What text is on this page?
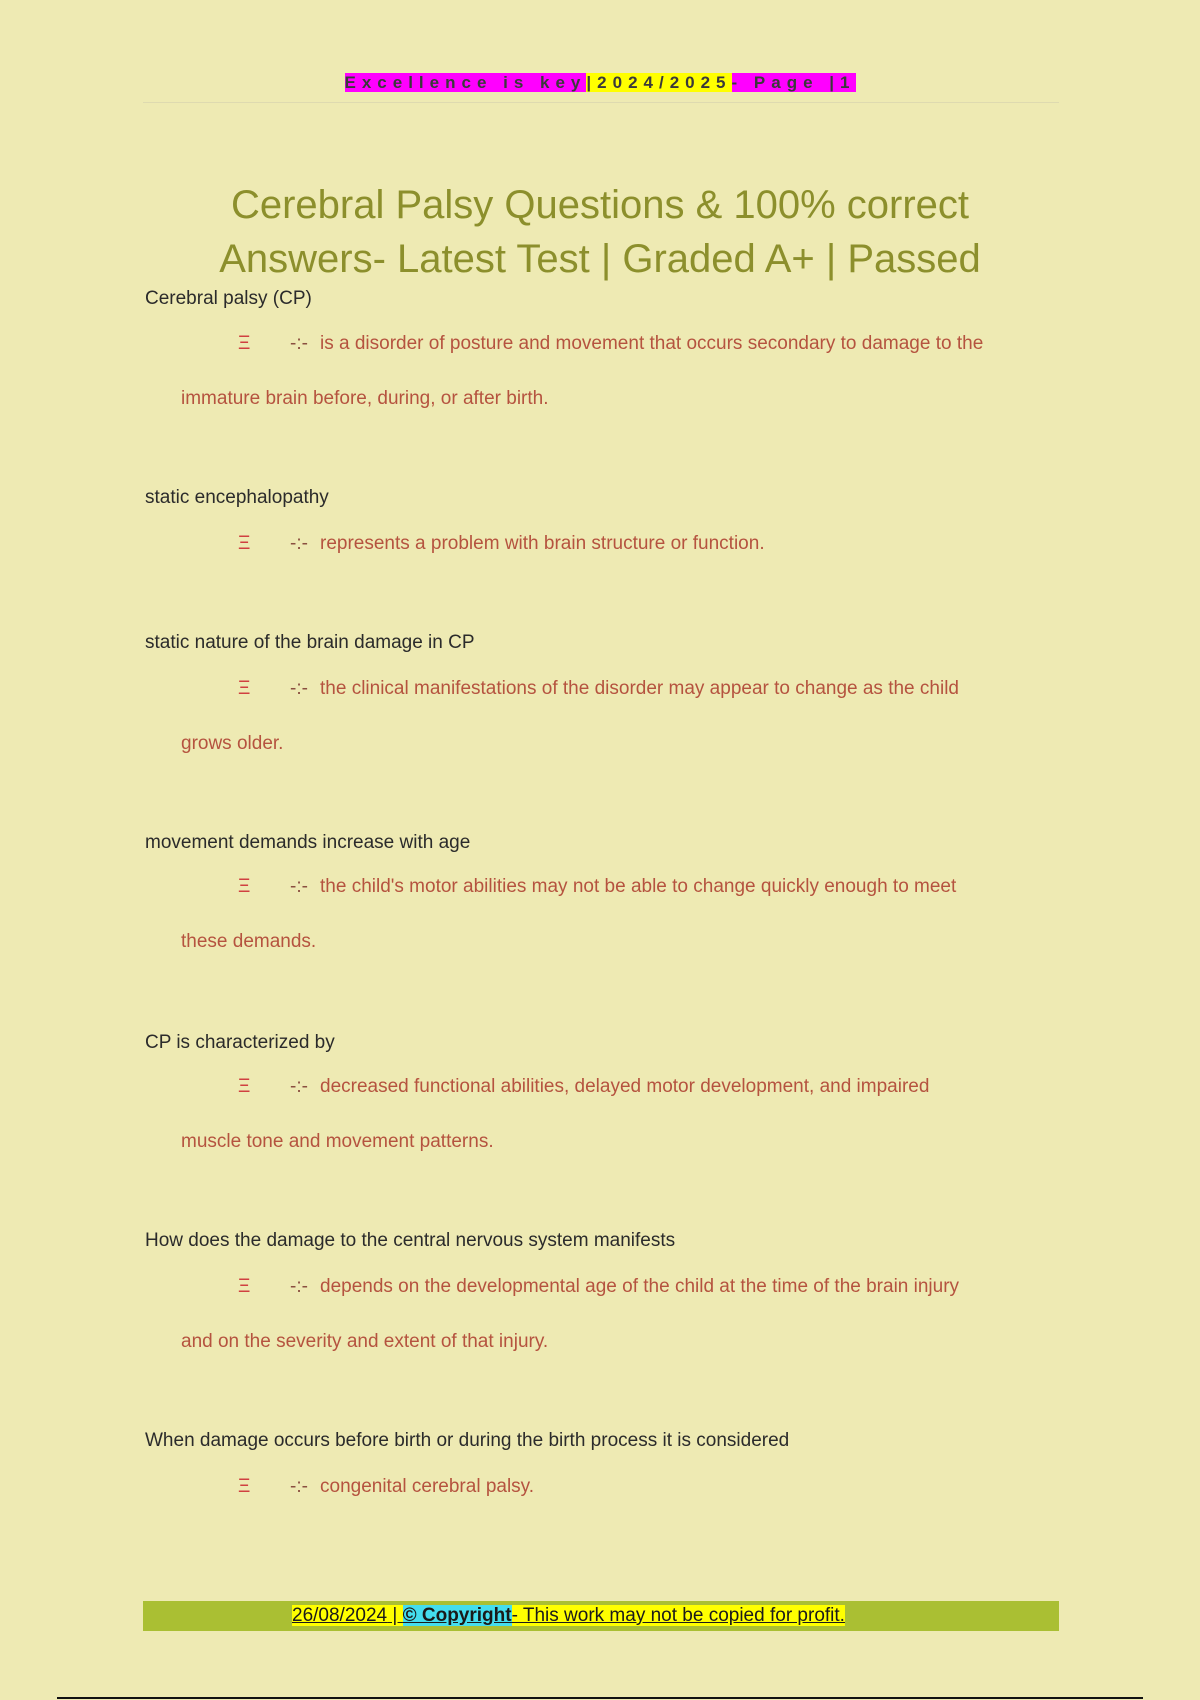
Excellence is key|2024/2025- Page |1
Cerebral Palsy Questions & 100% correct
Answers- Latest Test | Graded A+ | Passed
Cerebral palsy (CP)
Ξ -:- is a disorder of posture and movement that occurs secondary to damage to the
immature brain before, during, or after birth.
static encephalopathy
Ξ -:- represents a problem with brain structure or function.
static nature of the brain damage in CP
Ξ -:- the clinical manifestations of the disorder may appear to change as the child
grows older.
movement demands increase with age
Ξ -:- the child's motor abilities may not be able to change quickly enough to meet
these demands.
CP is characterized by
Ξ -:- decreased functional abilities, delayed motor development, and impaired
muscle tone and movement patterns.
How does the damage to the central nervous system manifests
Ξ -:- depends on the developmental age of the child at the time of the brain injury
and on the severity and extent of that injury.
When damage occurs before birth or during the birth process it is considered
Ξ -:- congenital cerebral palsy.
26/08/2024 | © Copyright- This work may not be copied for profit.
